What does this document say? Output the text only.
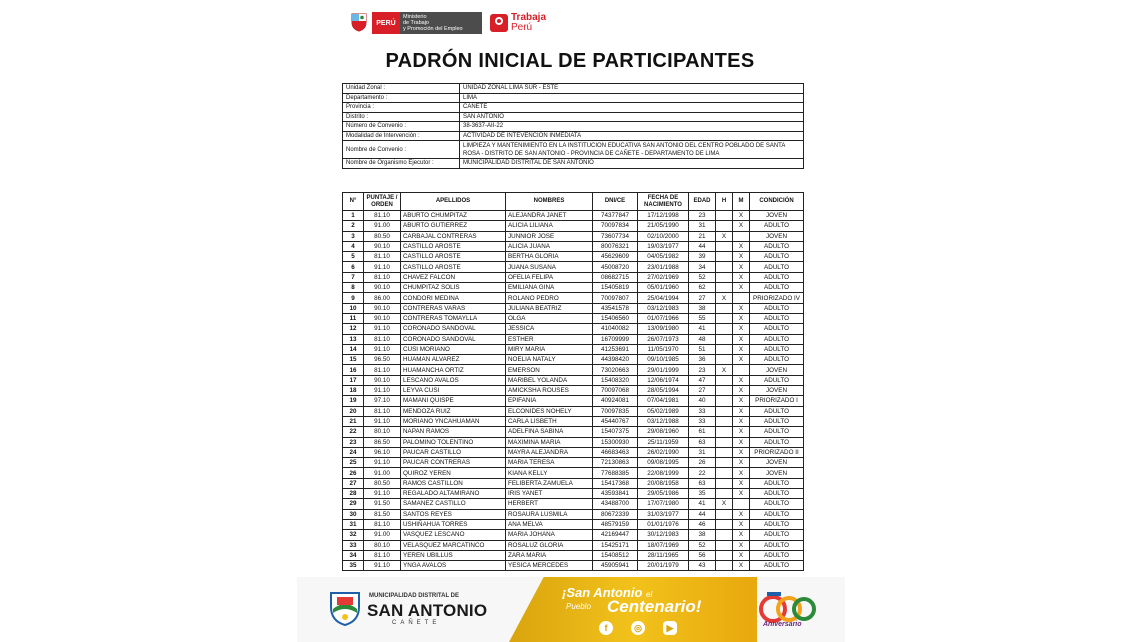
PERÚ
Ministerio
de Trabajo
y Promoción del Empleo
Trabaja
Perú
PADRÓN INICIAL DE PARTICIPANTES
Unidad Zonal :	UNIDAD ZONAL LIMA SUR - ESTE
Departamento :	LIMA
Provincia :	CAÑETE
Distrito :	SAN ANTONIO
Número de Convenio :	38-3637-AII-22
Modalidad de Intervención :	ACTIVIDAD DE INTEVENCION INMEDIATA
Nombre de Convenio :	LIMPIEZA Y MANTENIMIENTO EN LA INSTITUCION EDUCATIVA SAN ANTONIO DEL CENTRO POBLADO DE SANTA ROSA - DISTRITO DE SAN ANTONIO - PROVINCIA DE CAÑETE - DEPARTAMENTO DE LIMA
Nombre de Organismo Ejecutor :	MUNICIPALIDAD DISTRITAL DE SAN ANTONIO
N°	PUNTAJE / ORDEN	APELLIDOS	NOMBRES	DNI/CE	FECHA DE NACIMIENTO	EDAD	H	M	CONDICIÓN
1	81.10	ABURTO CHUMPITAZ	ALEJANDRA JANET	74377847	17/12/1998	23		X	JOVEN
2	91.00	ABURTO GUTIERREZ	ALICIA LILIANA	70097834	21/05/1990	31		X	ADULTO
3	80.50	CARBAJAL CONTRERAS	JUNNIOR JOSE	73607734	02/10/2000	21	X		JOVEN
4	90.10	CASTILLO AROSTE	ALICIA JUANA	80076321	19/03/1977	44		X	ADULTO
5	81.10	CASTILLO AROSTE	BERTHA GLORIA	45629609	04/05/1982	39		X	ADULTO
6	91.10	CASTILLO AROSTE	JUANA SUSANA	45008720	23/01/1988	34		X	ADULTO
7	81.10	CHAVEZ FALCON	OFELIA FELIPA	08682715	27/02/1969	52		X	ADULTO
8	90.10	CHUMPITAZ SOLIS	EMILIANA GINA	15405819	05/01/1960	62		X	ADULTO
9	86.00	CONDORI MEDINA	ROLANO PEDRO	70097807	25/04/1994	27	X		PRIORIZADO IV
10	90.10	CONTRERAS VARAS	JULIANA BEATRIZ	43541578	03/12/1983	38		X	ADULTO
11	90.10	CONTRERAS TOMAYLLA	OLGA	15406560	01/07/1966	55		X	ADULTO
12	91.10	CORONADO SANDOVAL	JESSICA	41040082	13/09/1980	41		X	ADULTO
13	81.10	CORONADO SANDOVAL	ESTHER	16709999	26/07/1973	48		X	ADULTO
14	91.10	CUSI MORIANO	MIRY MARIA	41253691	11/05/1970	51		X	ADULTO
15	96.50	HUAMAN ALVAREZ	NOELIA NATALY	44398420	09/10/1985	36		X	ADULTO
16	81.10	HUAMANCHA ORTIZ	EMERSON	73020663	29/01/1999	23	X		JOVEN
17	90.10	LESCANO AVALOS	MARIBEL YOLANDA	15408320	12/06/1974	47		X	ADULTO
18	91.10	LEYVA CUSI	AMICKSHA ROUSES	70097068	28/05/1994	27		X	JOVEN
19	97.10	MAMANI QUISPE	EPIFANIA	40924081	07/04/1981	40		X	PRIORIZADO I
20	81.10	MENDOZA RUIZ	ELCONIDES NOHELY	70097835	05/02/1989	33		X	ADULTO
21	91.10	MORIANO YNCAHUAMAN	CARLA LISBETH	45440767	03/12/1988	33		X	ADULTO
22	80.10	NAPAN RAMOS	ADELFINA SABINA	15407375	29/08/1960	61		X	ADULTO
23	86.50	PALOMINO TOLENTINO	MAXIMINA MARIA	15300930	25/11/1959	63		X	ADULTO
24	96.10	PAUCAR CASTILLO	MAYRA ALEJANDRA	46683463	26/02/1990	31		X	PRIORIZADO II
25	91.10	PAUCAR CONTRERAS	MARIA TERESA	72130863	09/08/1995	26		X	JOVEN
26	91.00	QUIROZ YEREN	KIANA KELLY	77688385	22/08/1999	22		X	JOVEN
27	80.50	RAMOS CASTILLON	FELIBERTA ZAMUELA	15417368	20/08/1958	63		X	ADULTO
28	91.10	REGALADO ALTAMIRANO	IRIS YANET	43593841	29/05/1986	35		X	ADULTO
29	91.50	SAMANEZ CASTILLO	HERBERT	43488700	17/07/1980	41	X		ADULTO
30	81.50	SANTOS REYES	ROSAURA LUSMILA	80672339	31/03/1977	44		X	ADULTO
31	81.10	USHIÑAHUA TORRES	ANA MELVA	48579159	01/01/1976	46		X	ADULTO
32	91.00	VASQUEZ LESCANO	MARIA JOHANA	42169447	30/12/1983	38		X	ADULTO
33	80.10	VELASQUEZ MARCATINCO	ROSALUZ GLORIA	15425171	18/07/1969	52		X	ADULTO
34	81.10	YEREN UBILLUS	ZARA MARIA	15408512	28/11/1965	56		X	ADULTO
35	91.10	YNGA AVALOS	YESICA MERCEDES	45905941	20/01/1979	43		X	ADULTO
MUNICIPALIDAD DISTRITAL DE
SAN ANTONIO
CAÑETE
¡San Antonio el
Pueblo Centenario!
f	◎	▶	Aniversario
